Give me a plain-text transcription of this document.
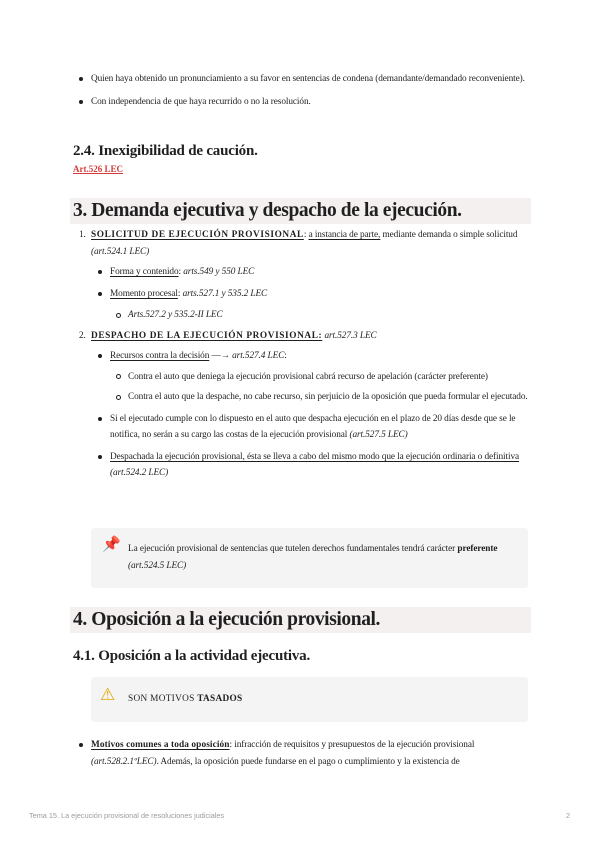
Quien haya obtenido un pronunciamiento a su favor en sentencias de condena (demandante/demandado reconveniente).
Con independencia de que haya recurrido o no la resolución.
2.4. Inexigibilidad de caución.
Art.526 LEC
3. Demanda ejecutiva y despacho de la ejecución.
1. SOLICITUD DE EJECUCIÓN PROVISIONAL: a instancia de parte, mediante demanda o simple solicitud (art.524.1 LEC)
Forma y contenido: arts.549 y 550 LEC
Momento procesal: arts.527.1 y 535.2 LEC
Arts.527.2 y 535.2-II LEC
2. DESPACHO DE LA EJECUCIÓN PROVISIONAL: art.527.3 LEC
Recursos contra la decisión —→ art.527.4 LEC:
Contra el auto que deniega la ejecución provisional cabrá recurso de apelación (carácter preferente)
Contra el auto que la despache, no cabe recurso, sin perjuicio de la oposición que pueda formular el ejecutado.
Si el ejecutado cumple con lo dispuesto en el auto que despacha ejecución en el plazo de 20 días desde que se le notifica, no serán a su cargo las costas de la ejecución provisional (art.527.5 LEC)
Despachada la ejecución provisional, ésta se lleva a cabo del mismo modo que la ejecución ordinaria o definitiva (art.524.2 LEC)
📌 La ejecución provisional de sentencias que tutelen derechos fundamentales tendrá carácter preferente (art.524.5 LEC)
4. Oposición a la ejecución provisional.
4.1. Oposición a la actividad ejecutiva.
⚠ SON MOTIVOS TASADOS
Motivos comunes a toda oposición: infracción de requisitos y presupuestos de la ejecución provisional (art.528.2.1ºLEC). Además, la oposición puede fundarse en el pago o cumplimiento y la existencia de
Tema 15. La ejecución provisional de resoluciones judiciales	2
